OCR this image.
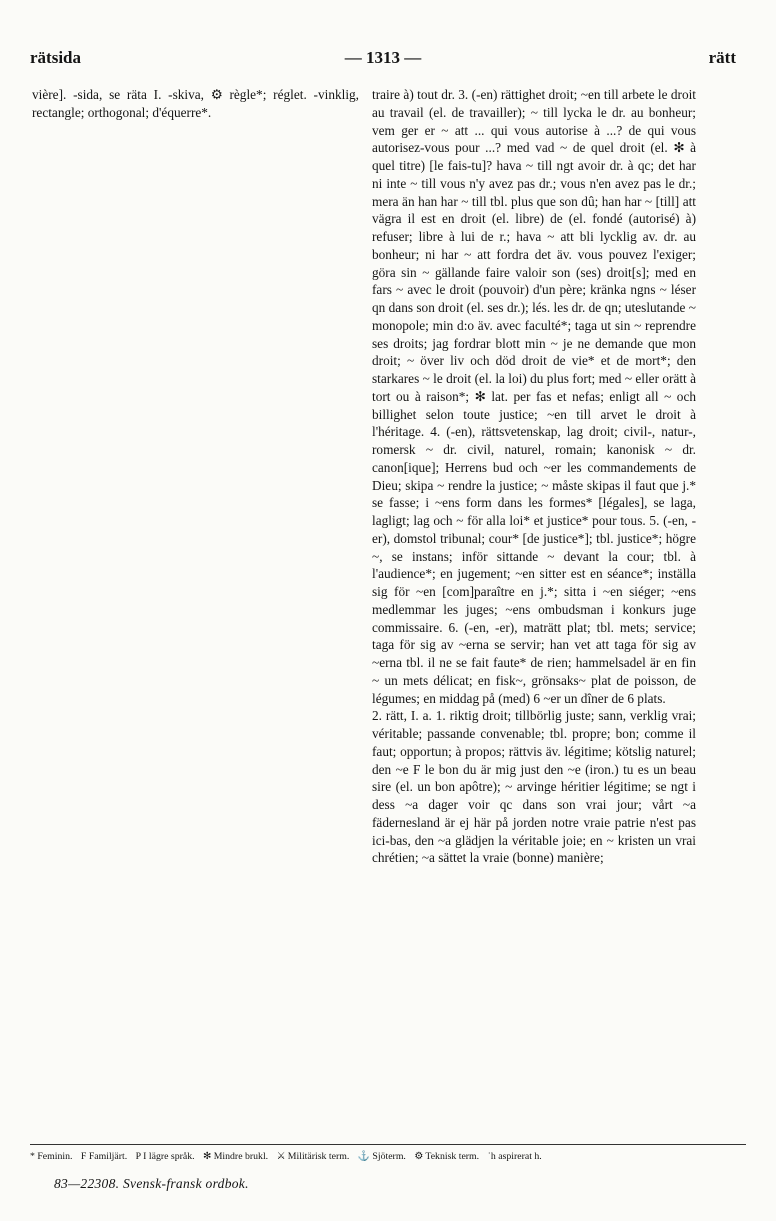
rätsida	— 1313 —	rätt

vière]. -sida, se räta I. -skiva, ⚙ règle*; réglet. -vinklig, rectangle; orthogonal; d'équerre*.

traire à) tout dr. 3. (-en) rättighet droit; ~en till arbete le droit au travail (el. de travailler); ~ till lycka le dr. au bonheur; vem ger er ~ att ... qui vous autorise à ...? de qui vous autorisez-vous pour ...? med vad ~ de quel droit (el. ✻ à quel titre) [le fais-tu]? hava ~ till ngt avoir dr. à qc; det har ni inte ~ till vous n'y avez pas dr.; vous n'en avez pas le dr.; mera än han har ~ till tbl. plus que son dû; han har ~ [till] att vägra il est en droit (el. libre) de (el. fondé (autorisé) à) refuser; libre à lui de r.; hava ~ att bli lycklig av. dr. au bonheur; ni har ~ att fordra det äv. vous pouvez l'exiger; göra sin ~ gällande faire valoir son (ses) droit[s]; med en fars ~ avec le droit (pouvoir) d'un père; kränka ngns ~ léser qn dans son droit (el. ses dr.); lés. les dr. de qn; uteslutande ~ monopole; min d:o äv. avec faculté*; taga ut sin ~ reprendre ses droits; jag fordrar blott min ~ je ne demande que mon droit; ~ över liv och död droit de vie* et de mort*; den starkares ~ le droit (el. la loi) du plus fort; med ~ eller orätt à tort ou à raison*; ✻ lat. per fas et nefas; enligt all ~ och billighet selon toute justice; ~en till arvet le droit à l'héritage. 4. (-en), rättsvetenskap, lag droit; civil-, natur-, romersk ~ dr. civil, naturel, romain; kanonisk ~ dr. canon[ique]; Herrens bud och ~er les commandements de Dieu; skipa ~ rendre la justice; ~ måste skipas il faut que j.* se fasse; i ~ens form dans les formes* [légales], se laga, lagligt; lag och ~ för alla loi* et justice* pour tous. 5. (-en, -er), domstol tribunal; cour* [de justice*]; tbl. justice*; högre ~, se instans; inför sittande ~ devant la cour; tbl. à l'audience*; en jugement; ~en sitter est en séance*; inställa sig för ~en [com]paraître en j.*; sitta i ~en siéger; ~ens medlemmar les juges; ~ens ombudsman i konkurs juge commissaire. 6. (-en, -er), maträtt plat; tbl. mets; service; taga för sig av ~erna se servir; han vet att taga för sig av ~erna tbl. il ne se fait faute* de rien; hammelsadel är en fin ~ un mets délicat; en fisk~, grönsaks~ plat de poisson, de légumes; en middag på (med) 6 ~er un dîner de 6 plats.

2. rätt, I. a. 1. riktig droit; tillbörlig juste; sann, verklig vrai; véritable; passande convenable; tbl. propre; bon; comme il faut; opportun; à propos; rättvis äv. légitime; kötslig naturel; den ~e F le bon du är mig just den ~e (iron.) tu es un beau sire (el. un bon apôtre); ~ arvinge héritier légitime; se ngt i dess ~a dager voir qc dans son vrai jour; vårt ~a fädernesland är ej här på jorden notre vraie patrie n'est pas ici-bas, den ~a glädjen la véritable joie; en ~ kristen un vrai chrétien; ~a sättet la vraie (bonne) manière;

* Feminin. F Familjärt. P I lägre språk. ✻ Mindre brukl. ⚔ Militärisk term. ⚓ Sjöterm. ⚙ Teknisk term. ʿh aspirerat h.
83—22308. Svensk-fransk ordbok.
